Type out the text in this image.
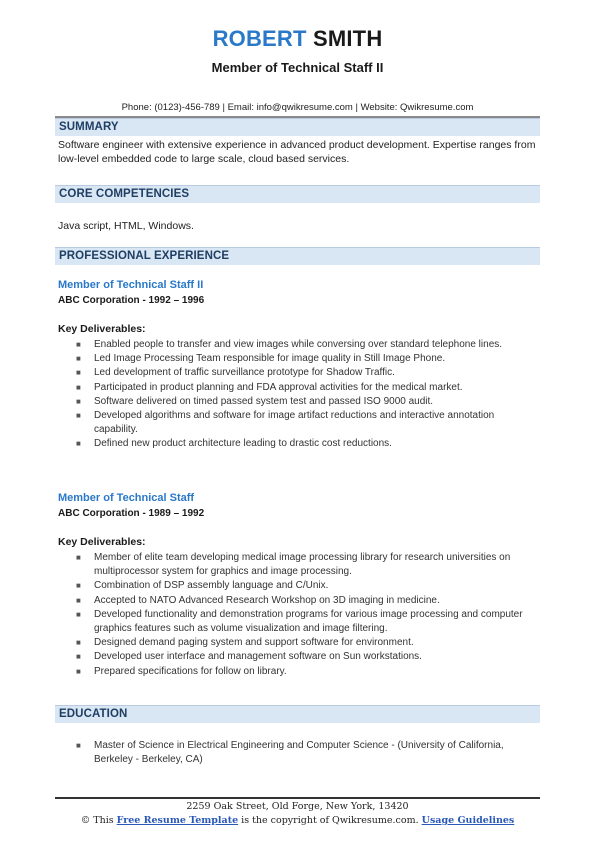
ROBERT SMITH
Member of Technical Staff II
Phone: (0123)-456-789 | Email: info@qwikresume.com | Website: Qwikresume.com
SUMMARY
Software engineer with extensive experience in advanced product development. Expertise ranges from low-level embedded code to large scale, cloud based services.
CORE COMPETENCIES
Java script, HTML, Windows.
PROFESSIONAL EXPERIENCE
Member of Technical Staff II
ABC Corporation - 1992 – 1996
Key Deliverables:
■ Enabled people to transfer and view images while conversing over standard telephone lines.
■ Led Image Processing Team responsible for image quality in Still Image Phone.
■ Led development of traffic surveillance prototype for Shadow Traffic.
■ Participated in product planning and FDA approval activities for the medical market.
■ Software delivered on timed passed system test and passed ISO 9000 audit.
■ Developed algorithms and software for image artifact reductions and interactive annotation capability.
■ Defined new product architecture leading to drastic cost reductions.
Member of Technical Staff
ABC Corporation - 1989 – 1992
Key Deliverables:
■ Member of elite team developing medical image processing library for research universities on multiprocessor system for graphics and image processing.
■ Combination of DSP assembly language and C/Unix.
■ Accepted to NATO Advanced Research Workshop on 3D imaging in medicine.
■ Developed functionality and demonstration programs for various image processing and computer graphics features such as volume visualization and image filtering.
■ Designed demand paging system and support software for environment.
■ Developed user interface and management software on Sun workstations.
■ Prepared specifications for follow on library.
EDUCATION
■ Master of Science in Electrical Engineering and Computer Science - (University of California, Berkeley - Berkeley, CA)
2259 Oak Street, Old Forge, New York, 13420
© This Free Resume Template is the copyright of Qwikresume.com. Usage Guidelines
